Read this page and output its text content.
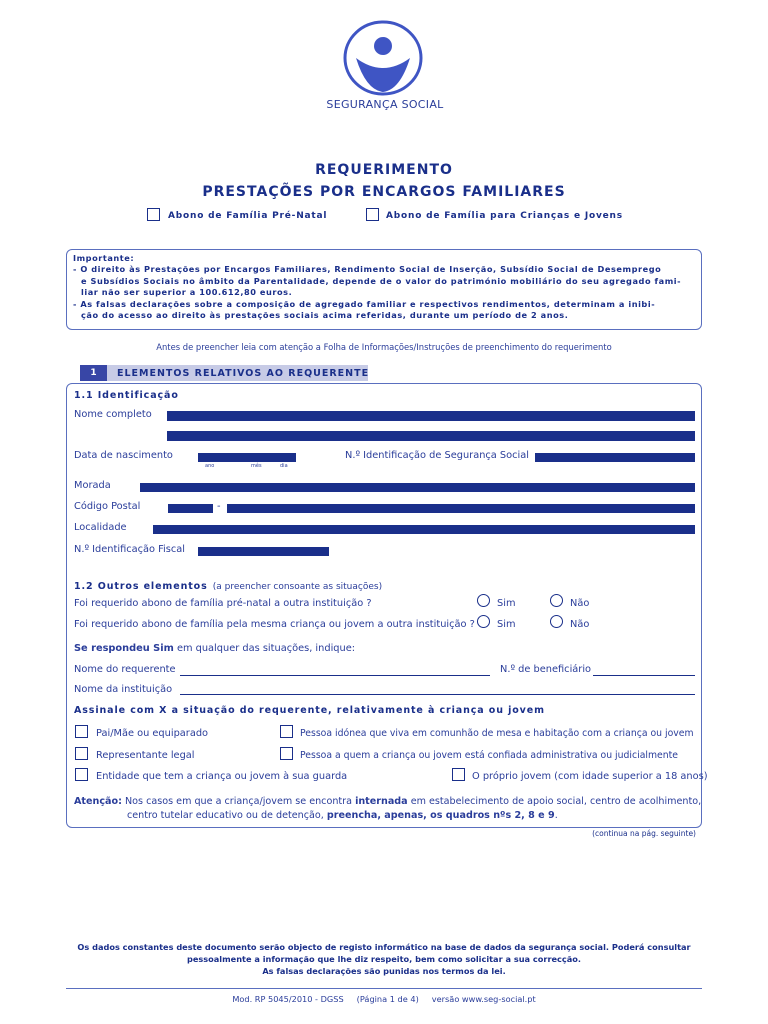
SEGURANÇA SOCIAL
REQUERIMENTO
PRESTAÇÕES POR ENCARGOS FAMILIARES
Abono de Família Pré-Natal	Abono de Família para Crianças e Jovens
Importante:
- O direito às Prestações por Encargos Familiares, Rendimento Social de Inserção, Subsídio Social de Desemprego
e Subsídios Sociais no âmbito da Parentalidade, depende de o valor do património mobiliário do seu agregado fami-
liar não ser superior a 100.612,80 euros.
- As falsas declarações sobre a composição de agregado familiar e respectivos rendimentos, determinam a inibi-
ção do acesso ao direito às prestações sociais acima referidas, durante um período de 2 anos.
Antes de preencher leia com atenção a Folha de Informações/Instruções de preenchimento do requerimento
1	ELEMENTOS RELATIVOS AO REQUERENTE
1.1 Identificação
Nome completo
Data de nascimento
ano	mês	dia
N.º Identificação de Segurança Social
Morada
Código Postal	-
Localidade
N.º Identificação Fiscal
1.2 Outros elementos (a preencher consoante as situações)
Foi requerido abono de família pré-natal a outra instituição ?	Sim	Não
Foi requerido abono de família pela mesma criança ou jovem a outra instituição ? Sim	Não
Se respondeu Sim em qualquer das situações, indique:
Nome do requerente	N.º de beneficiário
Nome da instituição
Assinale com X a situação do requerente, relativamente à criança ou jovem
Pai/Mãe ou equiparado	Pessoa idónea que viva em comunhão de mesa e habitação com a criança ou jovem
Representante legal	Pessoa a quem a criança ou jovem está confiada administrativa ou judicialmente
Entidade que tem a criança ou jovem à sua guarda	O próprio jovem (com idade superior a 18 anos)
Atenção: Nos casos em que a criança/jovem se encontra internada em estabelecimento de apoio social, centro de acolhimento,
centro tutelar educativo ou de detenção, preencha, apenas, os quadros nºs 2, 8 e 9.
(continua na pág. seguinte)
Os dados constantes deste documento serão objecto de registo informático na base de dados da segurança social. Poderá consultar
pessoalmente a informação que lhe diz respeito, bem como solicitar a sua correcção.
As falsas declarações são punidas nos termos da lei.
Mod. RP 5045/2010 - DGSS     (Página 1 de 4)     versão www.seg-social.pt
